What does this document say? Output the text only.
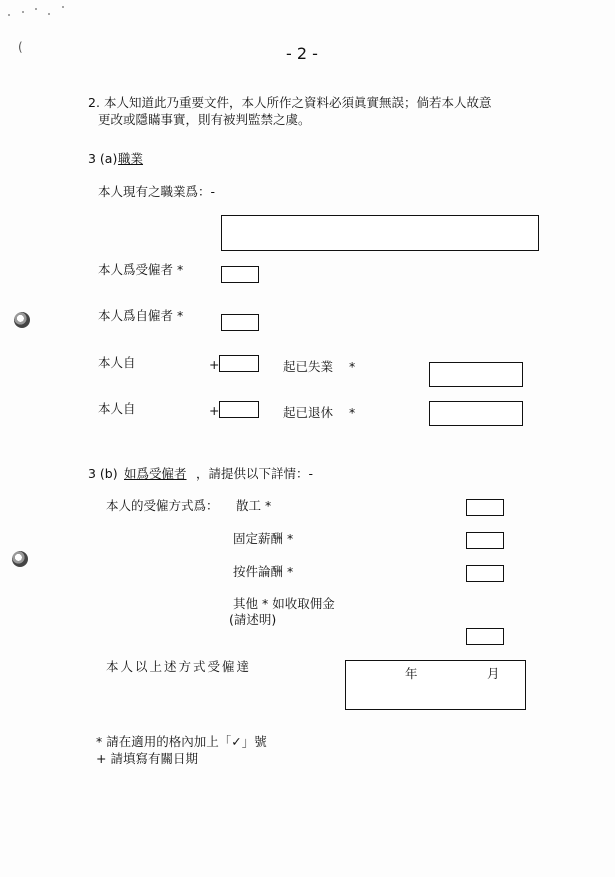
(	- 2 -
2. 本人知道此乃重要文件，本人所作之資料必須眞實無誤；倘若本人故意
更改或隱瞞事實，則有被判監禁之虞。
3 (a) 職業
本人現有之職業爲：-
本人爲受僱者 *
本人爲自僱者 *
本人自	+	起已失業 *
本人自	+	起已退休 *
3 (b) 如爲受僱者 ，請提供以下詳情：-
本人的受僱方式爲： 散工 *
固定薪酬 *
按件論酬 *
其他 * 如收取佣金
(請述明)
本人以上述方式受僱達	年	月
* 請在適用的格內加上「✓」號
+ 請填寫有關日期
